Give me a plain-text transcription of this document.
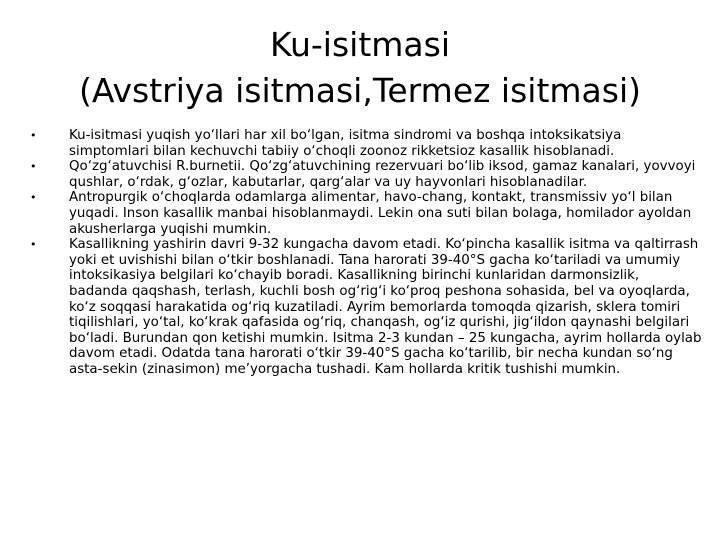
Ku-isitmasi
(Avstriya isitmasi,Termez isitmasi)
• Ku-isitmasi yuqish yo‘llari har xil bo‘lgan, isitma sindromi va boshqa intoksikatsiya simptomlari bilan kechuvchi tabiiy o‘choqli zoonoz rikketsioz kasallik hisoblanadi.
• Qo‘zg‘atuvchisi R.burnetii. Qo‘zg‘atuvchining rezervuari bo‘lib iksod, gamaz kanalari, yovvoyi qushlar, o‘rdak, g‘ozlar, kabutarlar, qarg‘alar va uy hayvonlari hisoblanadilar.
• Antropurgik o‘choqlarda odamlarga alimentar, havo-chang, kontakt, transmissiv yo‘l bilan yuqadi. Inson kasallik manbai hisoblanmaydi. Lekin ona suti bilan bolaga, homilador ayoldan akusherlarga yuqishi mumkin.
• Kasallikning yashirin davri 9-32 kungacha davom etadi. Ko‘pincha kasallik isitma va qaltirrash yoki et uvishishi bilan o‘tkir boshlanadi. Tana harorati 39-40°S gacha ko‘tariladi va umumiy intoksikasiya belgilari ko‘chayib boradi. Kasallikning birinchi kunlaridan darmonsizlik, badanda qaqshash, terlash, kuchli bosh og‘rig‘i ko‘proq peshona sohasida, bel va oyoqlarda, ko‘z soqqasi harakatida og‘riq kuzatiladi. Ayrim bemorlarda tomoqda qizarish, sklera tomiri tiqilishlari, yo‘tal, ko‘krak qafasida og‘riq, chanqash, og‘iz qurishi, jig‘ildon qaynashi belgilari bo‘ladi. Burundan qon ketishi mumkin. Isitma 2-3 kundan – 25 kungacha, ayrim hollarda oylab davom etadi. Odatda tana harorati o‘tkir 39-40°S gacha ko‘tarilib, bir necha kundan so‘ng asta-sekin (zinasimon) me’yorgacha tushadi. Kam hollarda kritik tushishi mumkin.
